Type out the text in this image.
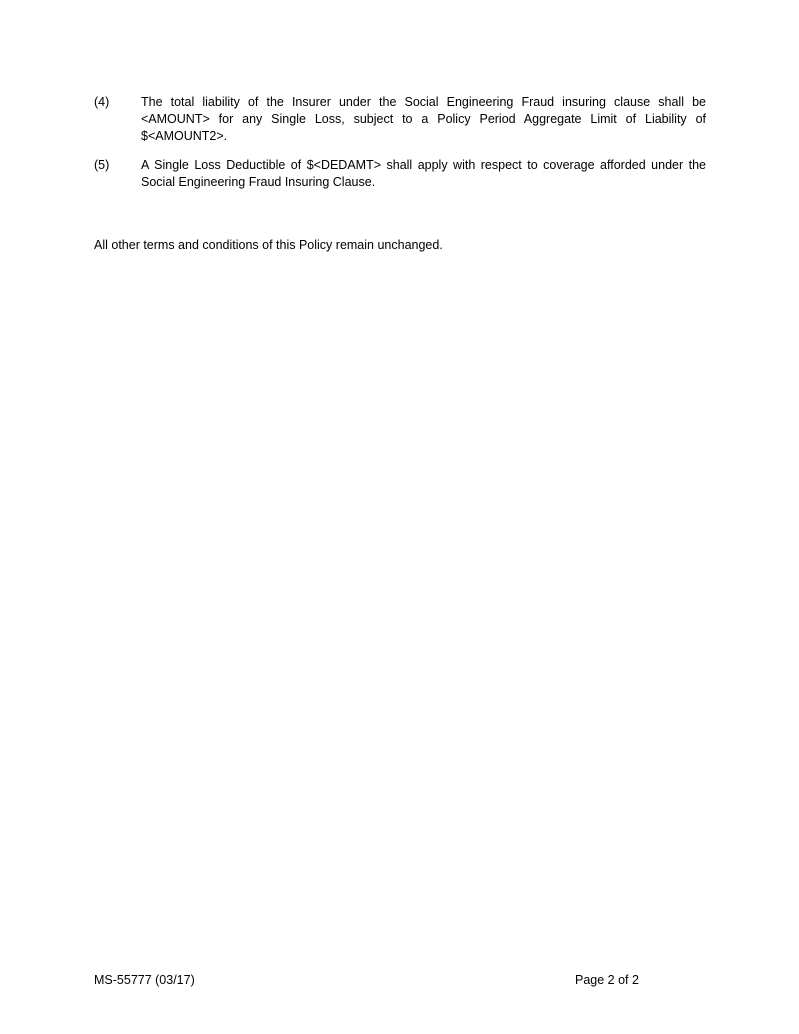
(4)	The total liability of the Insurer under the Social Engineering Fraud insuring clause shall be <AMOUNT> for any Single Loss, subject to a Policy Period Aggregate Limit of Liability of $<AMOUNT2>.
(5)	A Single Loss Deductible of $<DEDAMT> shall apply with respect to coverage afforded under the Social Engineering Fraud Insuring Clause.
All other terms and conditions of this Policy remain unchanged.
MS-55777 (03/17)	Page 2 of 2
